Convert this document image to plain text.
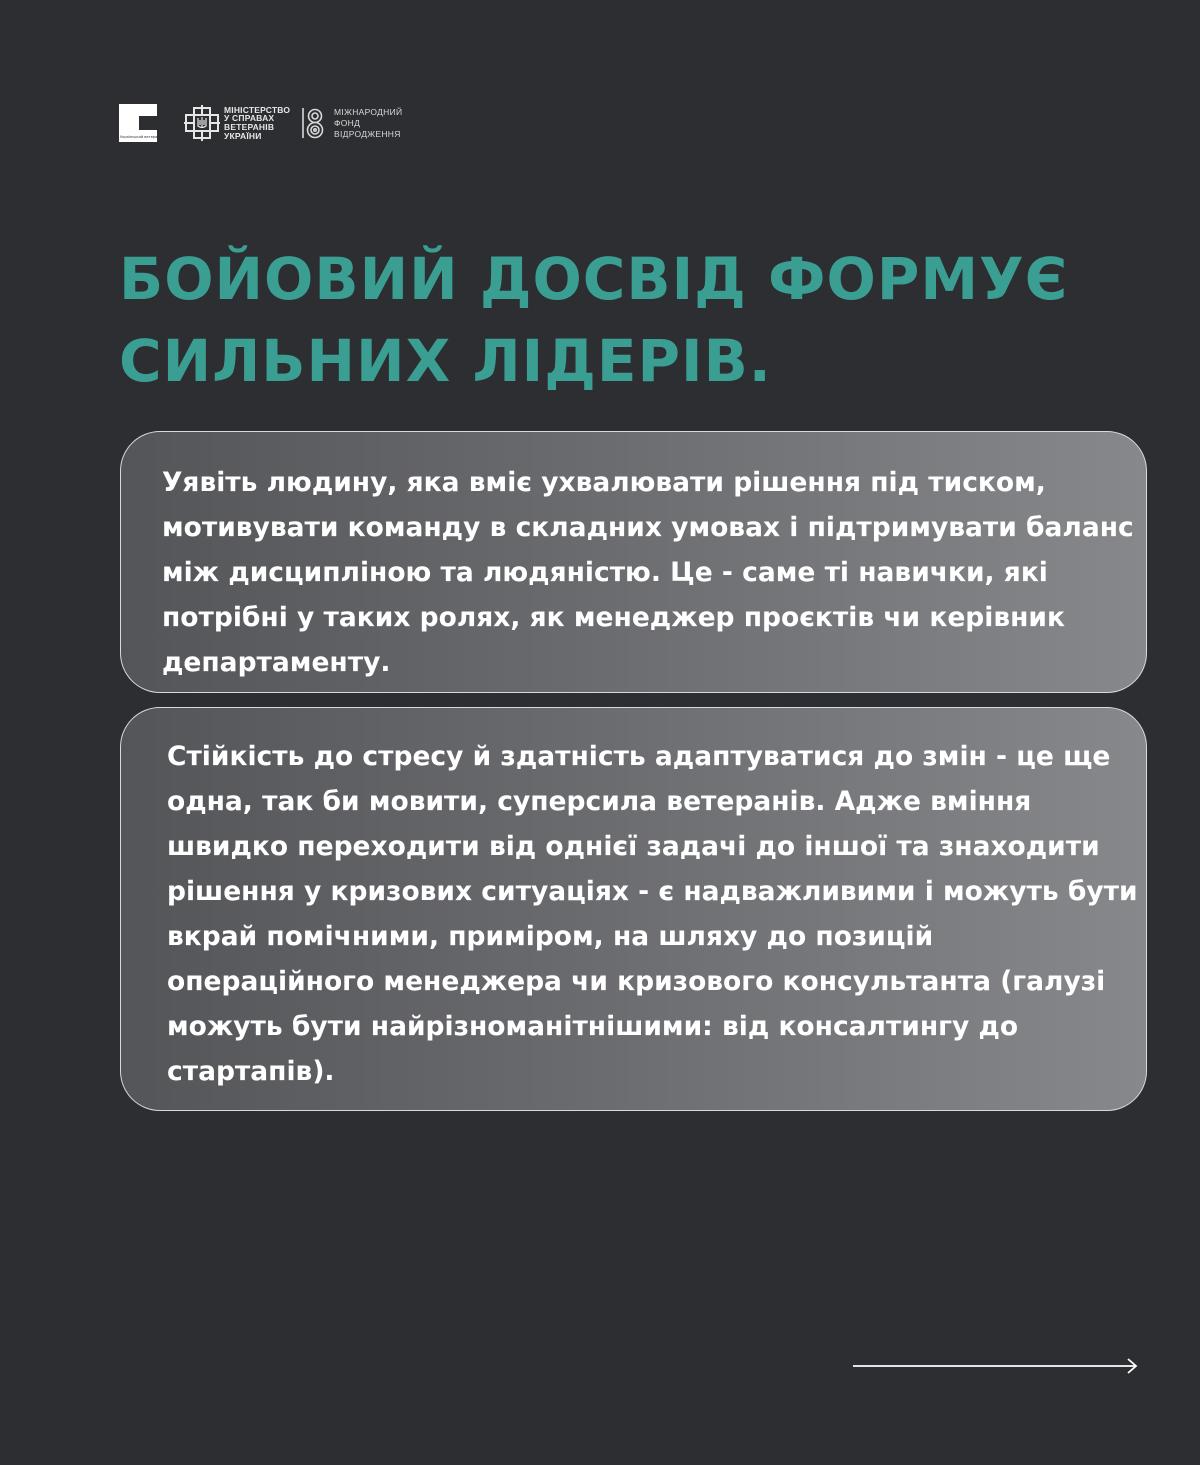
Український ветеранський фонд
МІНІСТЕРСТВО
У СПРАВАХ
ВЕТЕРАНІВ
УКРАЇНИ
МІЖНАРОДНИЙ
ФОНД
ВІДРОДЖЕННЯ
БОЙОВИЙ ДОСВІД ФОРМУЄ
СИЛЬНИХ ЛІДЕРІВ.

Уявіть людину, яка вміє ухвалювати рішення під тиском, мотивувати команду в складних умовах і підтримувати баланс між дисципліною та людяністю. Це - саме ті навички, які потрібні у таких ролях, як менеджер проєктів чи керівник департаменту.

Стійкість до стресу й здатність адаптуватися до змін - це ще одна, так би мовити, суперсила ветеранів. Адже вміння швидко переходити від однієї задачі до іншої та знаходити рішення у кризових ситуаціях - є надважливими і можуть бути вкрай помічними, приміром, на шляху до позицій операційного менеджера чи кризового консультанта (галузі можуть бути найрізноманітнішими: від консалтингу до стартапів).
